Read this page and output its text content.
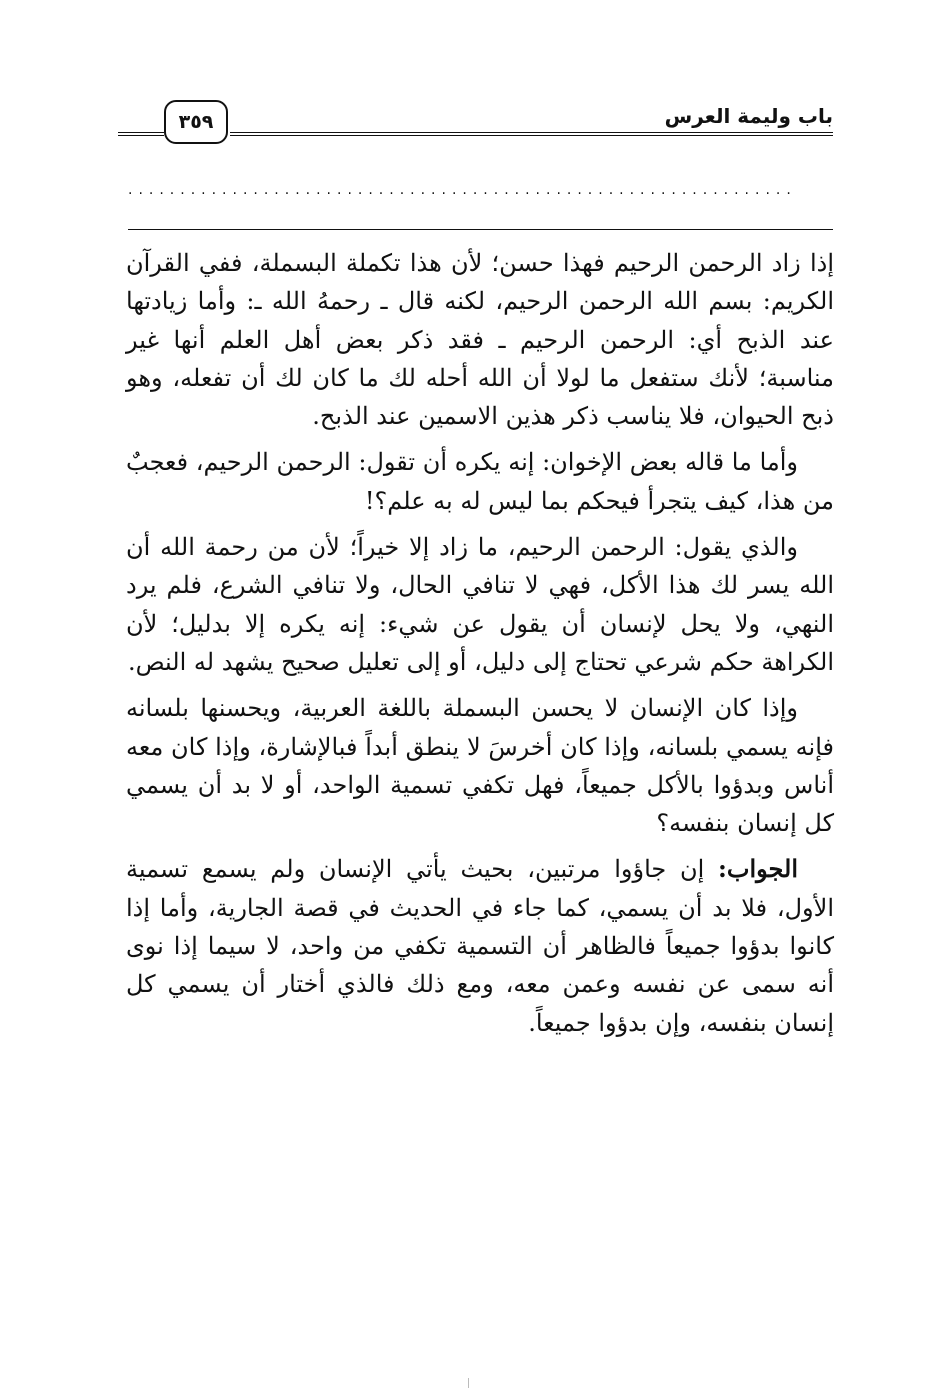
٣٥٩	باب وليمة العرس
................................................................

إذا زاد الرحمن الرحيم فهذا حسن؛ لأن هذا تكملة البسملة، ففي القرآن الكريم: بسم الله الرحمن الرحيم، لكنه قال ـ رحمهُ الله ـ: وأما زيادتها عند الذبح أي: الرحمن الرحيم ـ فقد ذكر بعض أهل العلم أنها غير مناسبة؛ لأنك ستفعل ما لولا أن الله أحله لك ما كان لك أن تفعله، وهو ذبح الحيوان، فلا يناسب ذكر هذين الاسمين عند الذبح.

وأما ما قاله بعض الإخوان: إنه يكره أن تقول: الرحمن الرحيم، فعجبٌ من هذا، كيف يتجرأ فيحكم بما ليس له به علم؟!

والذي يقول: الرحمن الرحيم، ما زاد إلا خيراً؛ لأن من رحمة الله أن الله يسر لك هذا الأكل، فهي لا تنافي الحال، ولا تنافي الشرع، فلم يرد النهي، ولا يحل لإنسان أن يقول عن شيء: إنه يكره إلا بدليل؛ لأن الكراهة حكم شرعي تحتاج إلى دليل، أو إلى تعليل صحيح يشهد له النص.

وإذا كان الإنسان لا يحسن البسملة باللغة العربية، ويحسنها بلسانه فإنه يسمي بلسانه، وإذا كان أخرسَ لا ينطق أبداً فبالإشارة، وإذا كان معه أناس وبدؤوا بالأكل جميعاً، فهل تكفي تسمية الواحد، أو لا بد أن يسمي كل إنسان بنفسه؟

الجواب: إن جاؤوا مرتبين، بحيث يأتي الإنسان ولم يسمع تسمية الأول، فلا بد أن يسمي، كما جاء في الحديث في قصة الجارية، وأما إذا كانوا بدؤوا جميعاً فالظاهر أن التسمية تكفي من واحد، لا سيما إذا نوى أنه سمى عن نفسه وعمن معه، ومع ذلك فالذي أختار أن يسمي كل إنسان بنفسه، وإن بدؤوا جميعاً.
